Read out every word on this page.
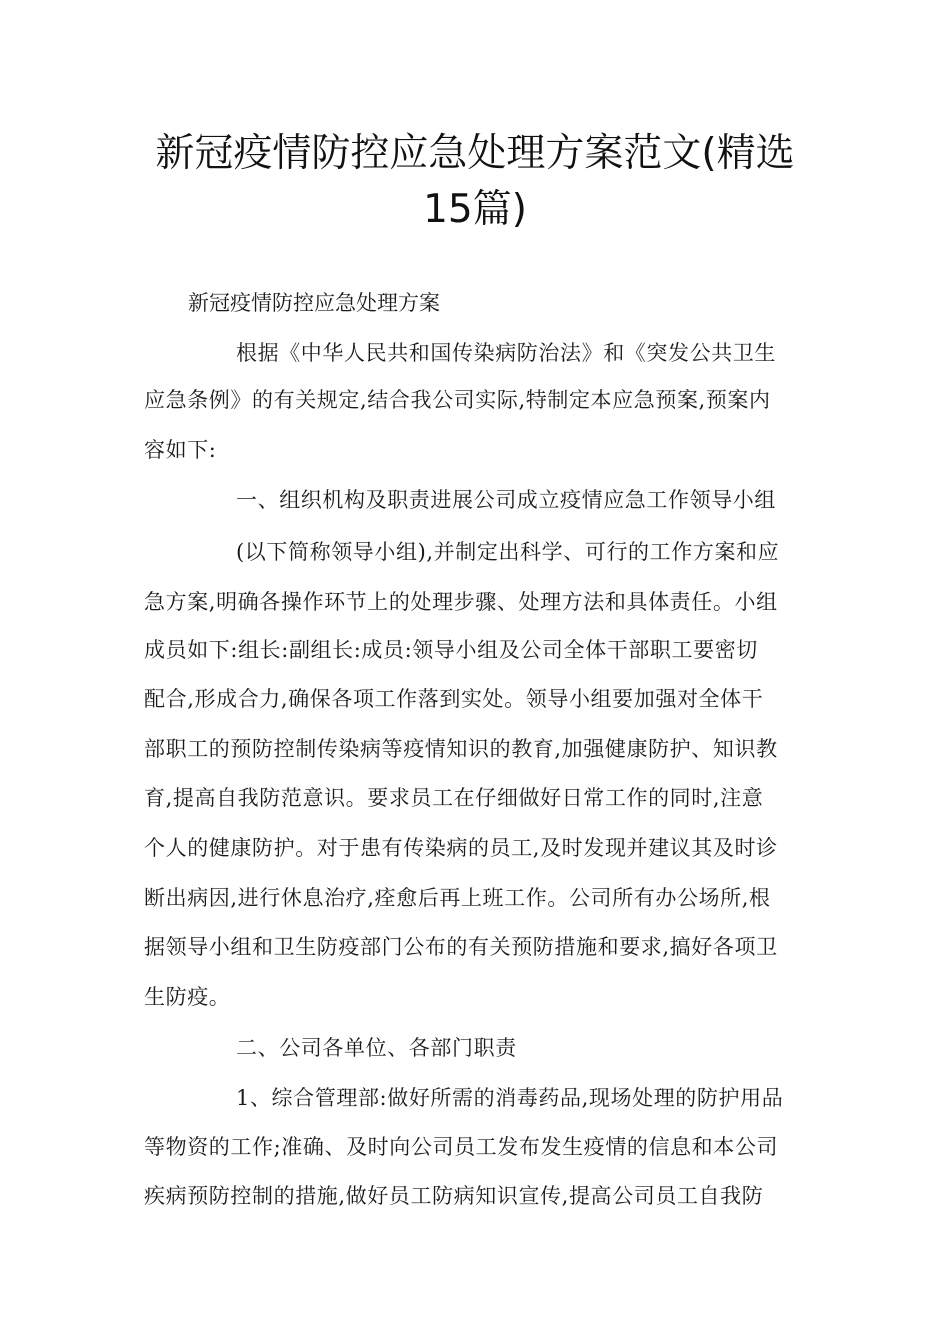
新冠疫情防控应急处理方案范文(精选
15篇)
新冠疫情防控应急处理方案
根据《中华人民共和国传染病防治法》和《突发公共卫生
应急条例》的有关规定,结合我公司实际,特制定本应急预案,预案内
容如下:
一、组织机构及职责进展公司成立疫情应急工作领导小组
(以下简称领导小组),并制定出科学、可行的工作方案和应
急方案,明确各操作环节上的处理步骤、处理方法和具体责任。小组
成员如下:组长:副组长:成员:领导小组及公司全体干部职工要密切
配合,形成合力,确保各项工作落到实处。领导小组要加强对全体干
部职工的预防控制传染病等疫情知识的教育,加强健康防护、知识教
育,提高自我防范意识。要求员工在仔细做好日常工作的同时,注意
个人的健康防护。对于患有传染病的员工,及时发现并建议其及时诊
断出病因,进行休息治疗,痊愈后再上班工作。公司所有办公场所,根
据领导小组和卫生防疫部门公布的有关预防措施和要求,搞好各项卫
生防疫。
二、公司各单位、各部门职责
1、综合管理部:做好所需的消毒药品,现场处理的防护用品
等物资的工作;准确、及时向公司员工发布发生疫情的信息和本公司
疾病预防控制的措施,做好员工防病知识宣传,提高公司员工自我防
